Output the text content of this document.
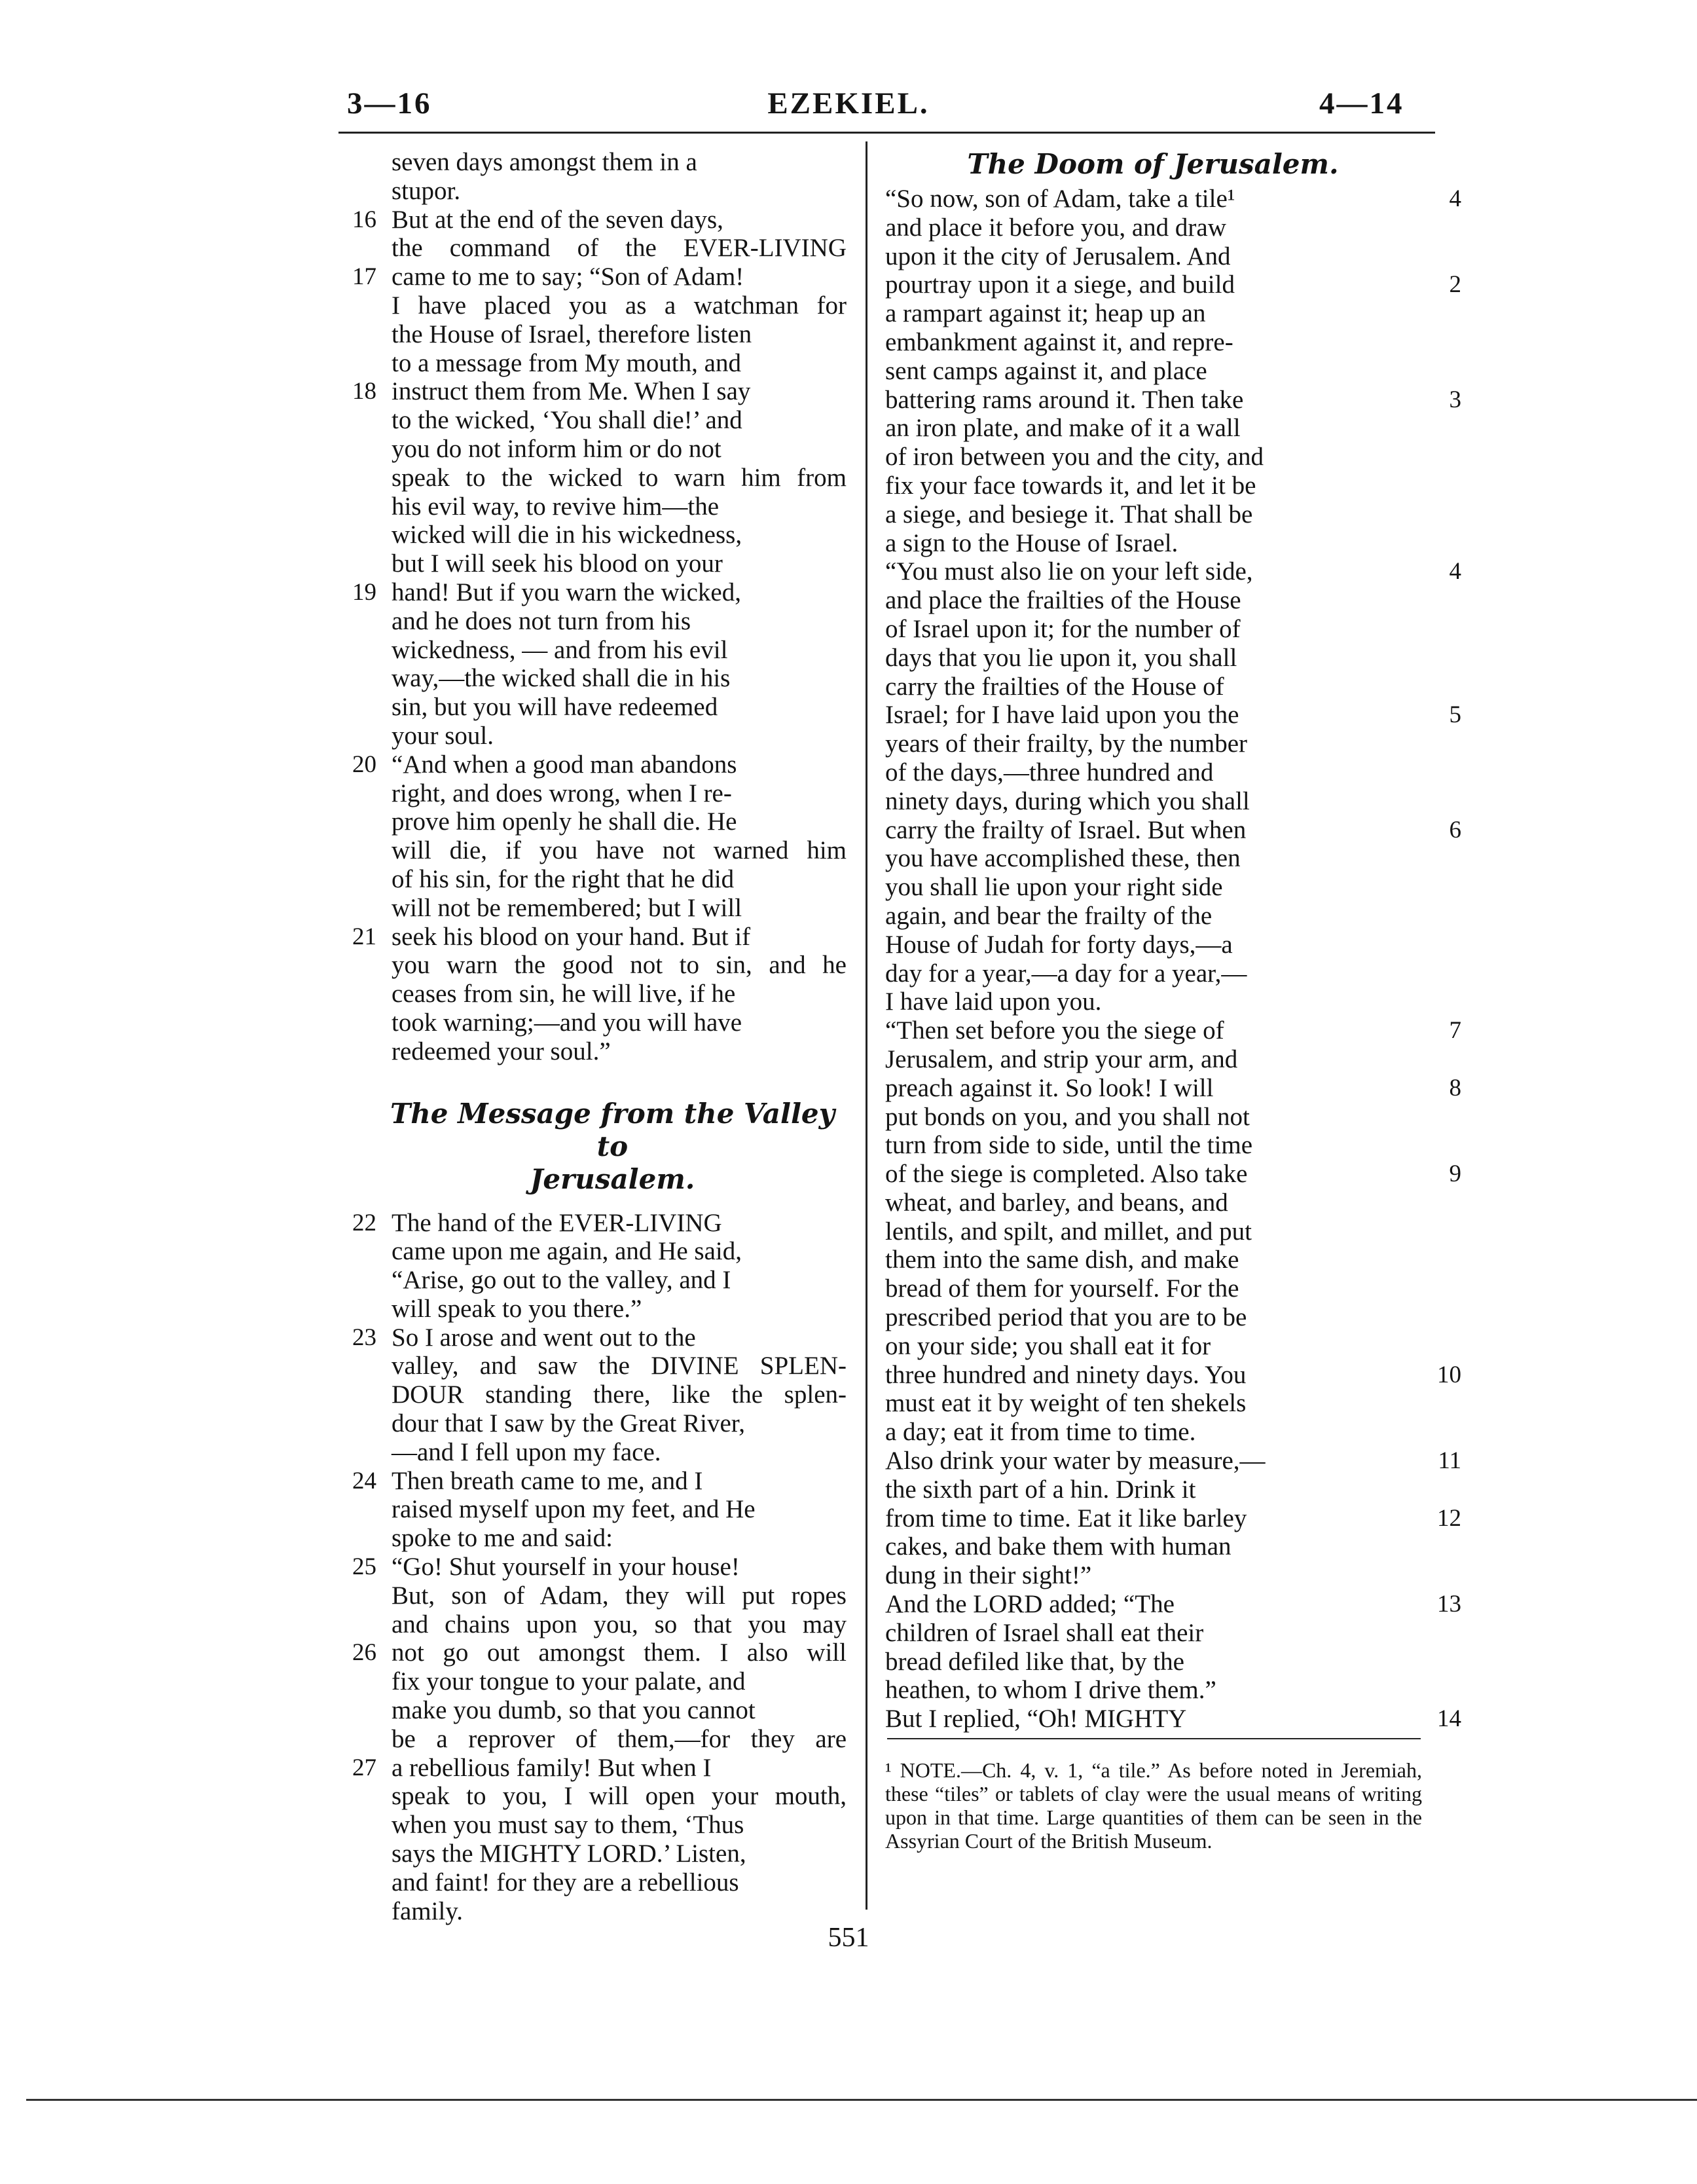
3—16	EZEKIEL.	4—14
seven days amongst them in a
stupor.
16 But at the end of the seven days,
the command of the EVER-LIVING
17 came to me to say; “Son of Adam!
I have placed you as a watchman for
the House of Israel, therefore listen
to a message from My mouth, and
18 instruct them from Me. When I say
to the wicked, ‘You shall die!’ and
you do not inform him or do not
speak to the wicked to warn him from
his evil way, to revive him—the
wicked will die in his wickedness,
but I will seek his blood on your
19 hand! But if you warn the wicked,
and he does not turn from his
wickedness, — and from his evil
way,—the wicked shall die in his
sin, but you will have redeemed
your soul.
20 “And when a good man abandons
right, and does wrong, when I re-
prove him openly he shall die. He
will die, if you have not warned him
of his sin, for the right that he did
will not be remembered; but I will
21 seek his blood on your hand. But if
you warn the good not to sin, and he
ceases from sin, he will live, if he
took warning;—and you will have
redeemed your soul.”
The Message from the Valley to
Jerusalem.
22 The hand of the EVER-LIVING
came upon me again, and He said,
“Arise, go out to the valley, and I
will speak to you there.”
23 So I arose and went out to the
valley, and saw the DIVINE SPLEN-
DOUR standing there, like the splen-
dour that I saw by the Great River,
—and I fell upon my face.
24 Then breath came to me, and I
raised myself upon my feet, and He
spoke to me and said:
25 “Go! Shut yourself in your house!
But, son of Adam, they will put ropes
and chains upon you, so that you may
26 not go out amongst them. I also will
fix your tongue to your palate, and
make you dumb, so that you cannot
be a reprover of them,—for they are
27 a rebellious family! But when I
speak to you, I will open your mouth,
when you must say to them, ‘Thus
says the MIGHTY LORD.’ Listen,
and faint! for they are a rebellious
family.
The Doom of Jerusalem.
4
“So now, son of Adam, take a tile¹
and place it before you, and draw
upon it the city of Jerusalem. And
2
pourtray upon it a siege, and build
a rampart against it; heap up an
embankment against it, and repre-
sent camps against it, and place
3
battering rams around it. Then take
an iron plate, and make of it a wall
of iron between you and the city, and
fix your face towards it, and let it be
a siege, and besiege it. That shall be
a sign to the House of Israel.
4
“You must also lie on your left side,
and place the frailties of the House
of Israel upon it; for the number of
days that you lie upon it, you shall
carry the frailties of the House of
5
Israel; for I have laid upon you the
years of their frailty, by the number
of the days,—three hundred and
ninety days, during which you shall
6
carry the frailty of Israel. But when
you have accomplished these, then
you shall lie upon your right side
again, and bear the frailty of the
House of Judah for forty days,—a
day for a year,—a day for a year,—
I have laid upon you.
7
“Then set before you the siege of
Jerusalem, and strip your arm, and
8
preach against it. So look! I will
put bonds on you, and you shall not
turn from side to side, until the time
9
of the siege is completed. Also take
wheat, and barley, and beans, and
lentils, and spilt, and millet, and put
them into the same dish, and make
bread of them for yourself. For the
prescribed period that you are to be
on your side; you shall eat it for
10
three hundred and ninety days. You
must eat it by weight of ten shekels
a day; eat it from time to time.
11
Also drink your water by measure,—
the sixth part of a hin. Drink it
12
from time to time. Eat it like barley
cakes, and bake them with human
dung in their sight!”
13
And the LORD added; “The
children of Israel shall eat their
bread defiled like that, by the
heathen, to whom I drive them.”
14
But I replied, “Oh! MIGHTY
¹ NOTE.—Ch. 4, v. 1, “a tile.” As before noted in Jeremiah, these “tiles” or tablets of clay were the usual means of writing upon in that time. Large quantities of them can be seen in the Assyrian Court of the British Museum.
551
